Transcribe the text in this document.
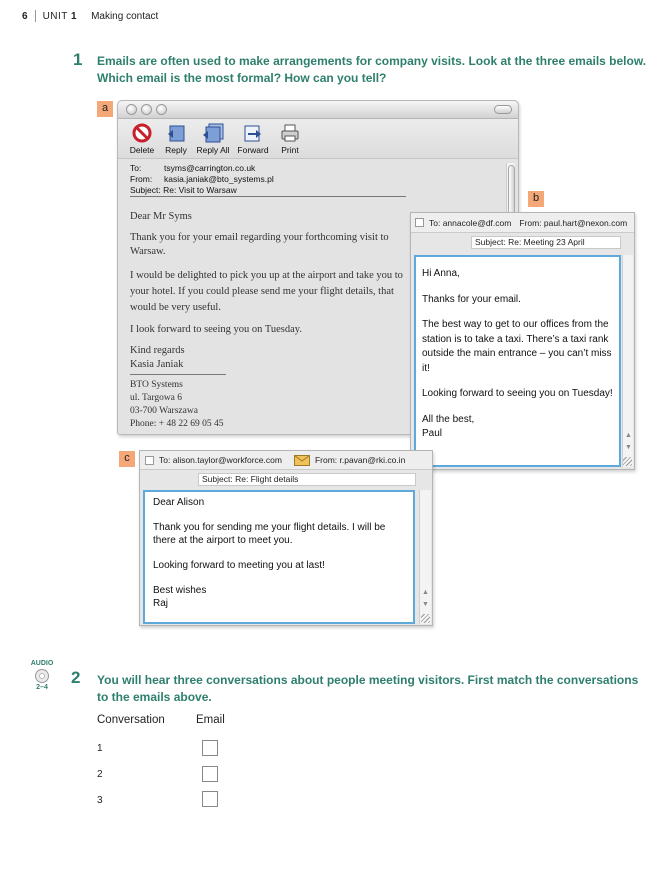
6 UNIT 1 Making contact
1 Emails are often used to make arrangements for company visits. Look at the three emails below.
Which email is the most formal? How can you tell?
a
Delete Reply Reply All Forward Print
To:	tsyms@carrington.co.uk
From:	kasia.janiak@bto_systems.pl
Subject: Re: Visit to Warsaw

Dear Mr Syms

Thank you for your email regarding your forthcoming visit to Warsaw.

I would be delighted to pick you up at the airport and take you to your hotel. If you could please send me your flight details, that would be very useful.

I look forward to seeing you on Tuesday.

Kind regards

Kasia Janiak

BTO Systems
ul. Targowa 6
03-700 Warszawa
Phone: + 48 22 69 05 45
b
To: annacole@df.com From: paul.hart@nexon.com
Subject: Re: Meeting 23 April

Hi Anna,

Thanks for your email.

The best way to get to our offices from the station is to take a taxi. There’s a taxi rank outside the main entrance – you can’t miss it!

Looking forward to seeing you on Tuesday!

All the best,

Paul	▲
▼
c	To: alison.taylor@workforce.com	From: r.pavan@rki.co.in
Subject: Re: Flight details

Dear Alison

Thank you for sending me your flight details. I will be there at the airport to meet you.

Looking forward to meeting you at last!

Best wishes

Raj

▲
▼
AUDIO
2–4
2 You will hear three conversations about people meeting visitors. First match the conversations
to the emails above.
Conversation	Email
1
2
3
